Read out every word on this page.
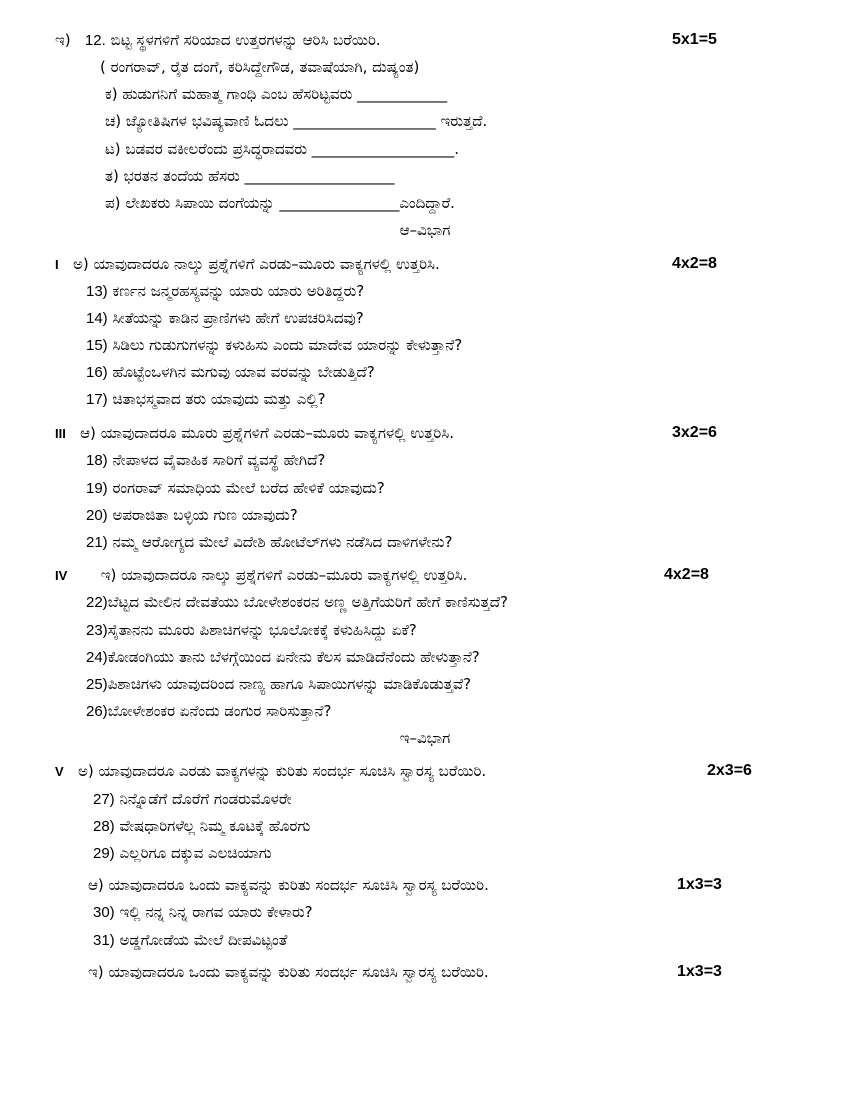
ಇ) 12. ಬಿಟ್ಟ ಸ್ಥಳಗಳಿಗೆ ಸರಿಯಾದ ಉತ್ತರಗಳನ್ನು ಆರಿಸಿ ಬರೆಯಿರಿ.	5x1=5
( ರಂಗರಾವ್, ರೈತ ದಂಗೆ, ಕರಿಸಿದ್ದೇಗೌಡ, ತವಾಷೆಯಾಗಿ, ದುಷ್ಯಂತ)
ಕ) ಹುಡುಗನಿಗೆ ಮಹಾತ್ಮ ಗಾಂಧಿ ಎಂಬ ಹೆಸರಿಟ್ಟವರು ____________
ಚ) ಜ್ಯೋತಿಷಿಗಳ ಭವಿಷ್ಯವಾಣಿ ಓದಲು ___________________ ಇರುತ್ತದೆ.
ಟ) ಬಡವರ ವಕೀಲರೆಂದು ಪ್ರಸಿದ್ಧರಾದವರು ___________________.
ತ) ಭರತನ ತಂದೆಯ ಹೆಸರು ____________________
ಪ) ಲೇಖಕರು ಸಿಪಾಯಿ ದಂಗೆಯನ್ನು ________________ಎಂದಿದ್ದಾರೆ.
ಆ–ವಿಭಾಗ
I ಅ) ಯಾವುದಾದರೂ ನಾಲ್ಕು ಪ್ರಶ್ನೆಗಳಿಗೆ ಎರಡು–ಮೂರು ವಾಕ್ಯಗಳಲ್ಲಿ ಉತ್ತರಿಸಿ.	4x2=8
13) ಕರ್ಣನ ಜನ್ಮರಹಸ್ಯವನ್ನು ಯಾರು ಯಾರು ಅರಿತಿದ್ದರು?
14) ಸೀತೆಯನ್ನು ಕಾಡಿನ ಪ್ರಾಣಿಗಳು ಹೇಗೆ ಉಪಚರಿಸಿದವು?
15) ಸಿಡಿಲು ಗುಡುಗುಗಳನ್ನು ಕಳುಹಿಸು ಎಂದು ಮಾದೇವ ಯಾರನ್ನು ಕೇಳುತ್ತಾನೆ?
16) ಹೊಟ್ಟೆಂಒಳಗಿನ ಮಗುವು ಯಾವ ವರವನ್ನು ಬೇಡುತ್ತಿದೆ?
17) ಚಿತಾಭಸ್ಮವಾದ ತರು ಯಾವುದು ಮತ್ತು ಎಲ್ಲಿ?
III ಆ) ಯಾವುದಾದರೂ ಮೂರು ಪ್ರಶ್ನೆಗಳಿಗೆ ಎರಡು–ಮೂರು ವಾಕ್ಯಗಳಲ್ಲಿ ಉತ್ತರಿಸಿ.	3x2=6
18) ನೇಪಾಳದ ವೈವಾಹಿಕ ಸಾರಿಗೆ ವ್ಯವಸ್ಥೆ ಹೇಗಿದೆ?
19) ರಂಗರಾವ್ ಸಮಾಧಿಯ ಮೇಲೆ ಬರೆದ ಹೇಳಿಕೆ ಯಾವುದು?
20) ಅಪರಾಜಿತಾ ಬಳ್ಳಿಯ ಗುಣ ಯಾವುದು?
21) ನಮ್ಮ ಆರೋಗ್ಯದ ಮೇಲೆ ವಿದೇಶಿ ಹೋಟೆಲ್‌ಗಳು ನಡೆಸಿದ ದಾಳಿಗಳೇನು?
IV ಇ) ಯಾವುದಾದರೂ ನಾಲ್ಕು ಪ್ರಶ್ನೆಗಳಿಗೆ ಎರಡು–ಮೂರು ವಾಕ್ಯಗಳಲ್ಲಿ ಉತ್ತರಿಸಿ.	4x2=8
22)ಬೆಟ್ಟದ ಮೇಲಿನ ದೇವತೆಯು ಬೋಳೇಶಂಕರನ ಅಣ್ಣ ಅತ್ತಿಗೆಯರಿಗೆ ಹೇಗೆ ಕಾಣಿಸುತ್ತದೆ?
23)ಸೈತಾನನು ಮೂರು ಪಿಶಾಚಿಗಳನ್ನು ಭೂಲೋಕಕ್ಕೆ ಕಳುಹಿಸಿದ್ದು ಏಕೆ?
24)ಕೋಡಂಗಿಯು ತಾನು ಬೆಳಗ್ಗೆಯಿಂದ ಏನೇನು ಕೆಲಸ ಮಾಡಿದೆನೆಂದು ಹೇಳುತ್ತಾನೆ?
25)ಪಿಶಾಚಿಗಳು ಯಾವುದರಿಂದ ನಾಣ್ಯ ಹಾಗೂ ಸಿಪಾಯಿಗಳನ್ನು ಮಾಡಿಕೊಡುತ್ತವೆ?
26)ಬೋಳೇಶಂಕರ ಏನೆಂದು ಡಂಗುರ ಸಾರಿಸುತ್ತಾನೆ?
ಇ–ವಿಭಾಗ
V ಅ) ಯಾವುದಾದರೂ ಎರಡು ವಾಕ್ಯಗಳನ್ನು ಕುರಿತು ಸಂದರ್ಭ ಸೂಚಿಸಿ ಸ್ವಾರಸ್ಯ ಬರೆಯಿರಿ.	2x3=6
27) ನಿನ್ನೊಡೆಗೆ ದೊರೆಗೆ ಗಂಡರುಮೊಳರೇ
28) ವೇಷಧಾರಿಗಳೆಲ್ಲ ನಿಮ್ಮ ಕೂಟಕ್ಕೆ ಹೊರಗು
29) ಎಲ್ಲರಿಗೂ ದಕ್ಕುವ ಎಲಚಿಯಾಗು
ಆ) ಯಾವುದಾದರೂ ಒಂದು ವಾಕ್ಯವನ್ನು ಕುರಿತು ಸಂದರ್ಭ ಸೂಚಿಸಿ ಸ್ವಾರಸ್ಯ ಬರೆಯಿರಿ.	1x3=3
30) ಇಲ್ಲಿ ನನ್ನ ನಿನ್ನ ರಾಗವ ಯಾರು ಕೇಳಾರು?
31) ಅಡ್ಡಗೋಡೆಯ ಮೇಲೆ ದೀಪವಿಟ್ಟಂತೆ
ಇ) ಯಾವುದಾದರೂ ಒಂದು ವಾಕ್ಯವನ್ನು ಕುರಿತು ಸಂದರ್ಭ ಸೂಚಿಸಿ ಸ್ವಾರಸ್ಯ ಬರೆಯಿರಿ.	1x3=3
